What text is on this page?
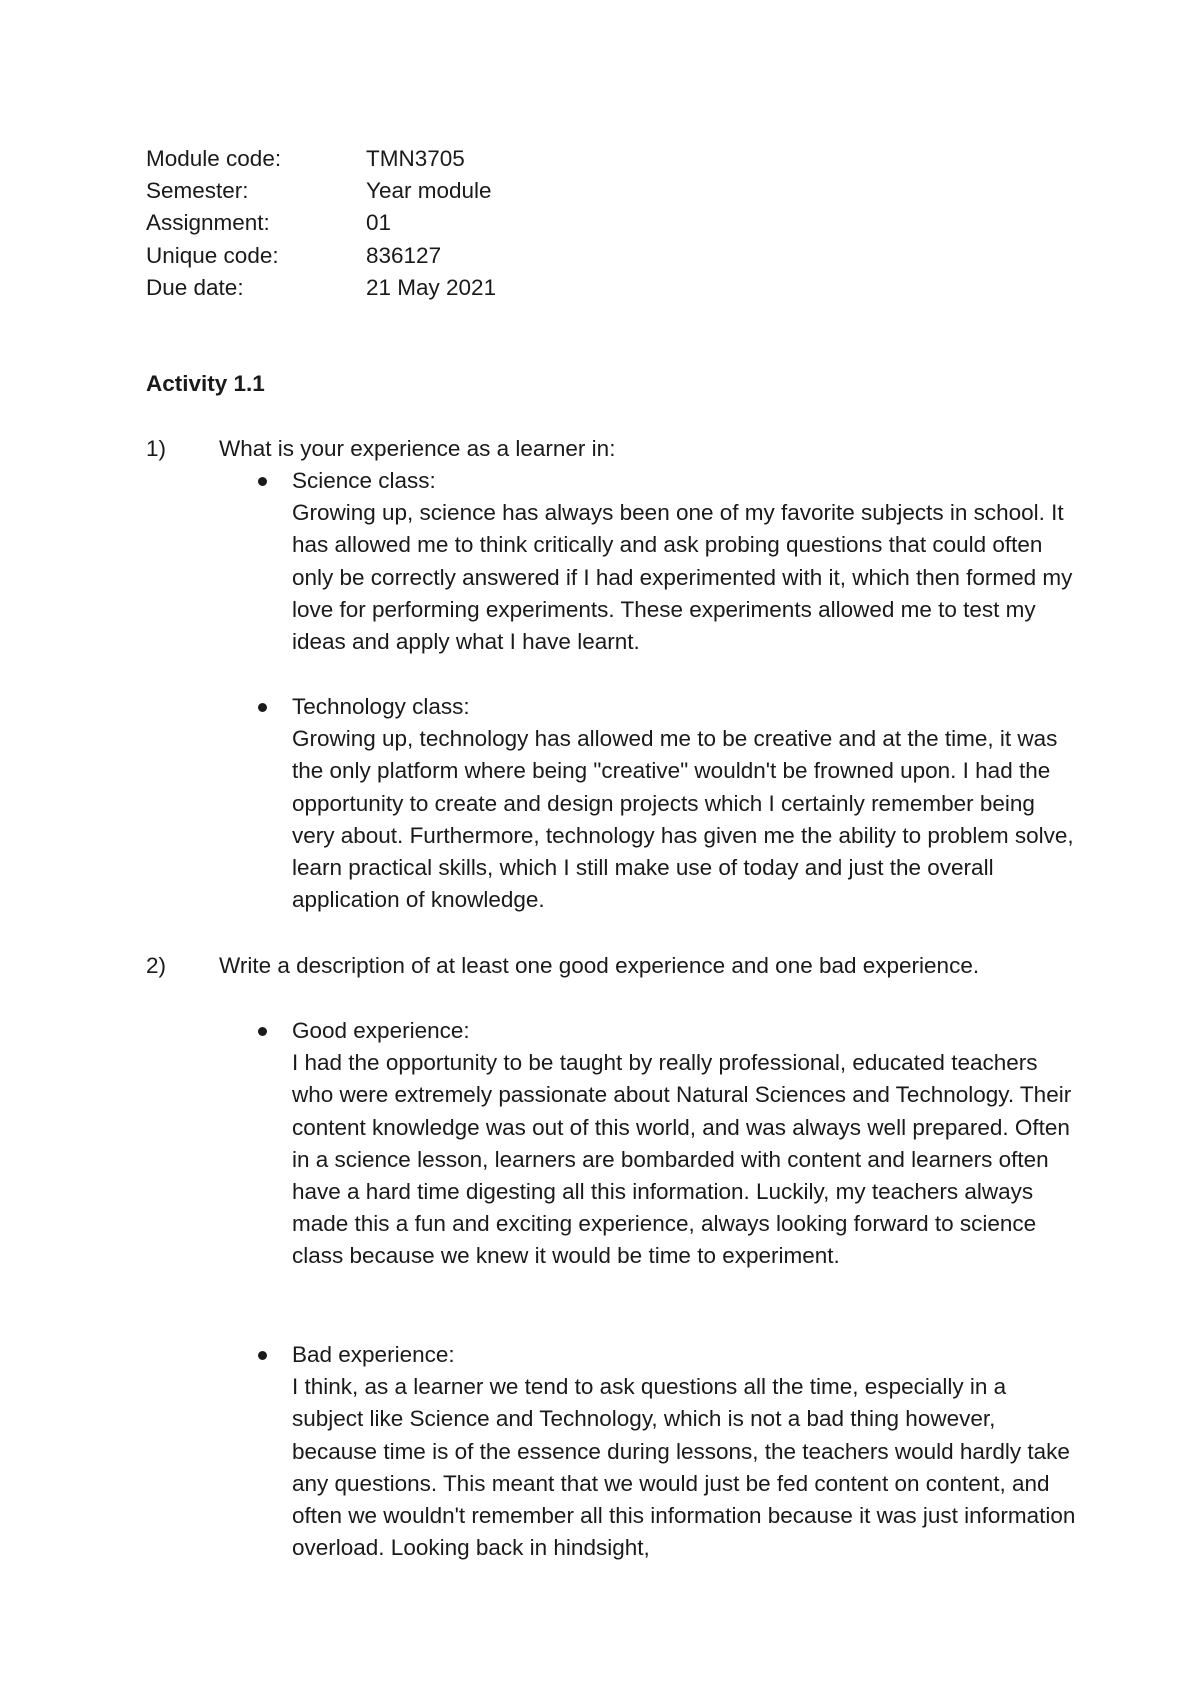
Module code:	TMN3705
Semester:	Year module
Assignment:	01
Unique code:	836127
Due date:	21 May 2021
Activity 1.1
1)	What is your experience as a learner in:
Science class:
Growing up, science has always been one of my favorite subjects in school. It has allowed me to think critically and ask probing questions that could often only be correctly answered if I had experimented with it, which then formed my love for performing experiments. These experiments allowed me to test my ideas and apply what I have learnt.
Technology class:
Growing up, technology has allowed me to be creative and at the time, it was the only platform where being "creative" wouldn't be frowned upon. I had the opportunity to create and design projects which I certainly remember being very about. Furthermore, technology has given me the ability to problem solve, learn practical skills, which I still make use of today and just the overall application of knowledge.
2)	Write a description of at least one good experience and one bad experience.
Good experience:
I had the opportunity to be taught by really professional, educated teachers who were extremely passionate about Natural Sciences and Technology. Their content knowledge was out of this world, and was always well prepared. Often in a science lesson, learners are bombarded with content and learners often have a hard time digesting all this information. Luckily, my teachers always made this a fun and exciting experience, always looking forward to science class because we knew it would be time to experiment.
Bad experience:
I think, as a learner we tend to ask questions all the time, especially in a subject like Science and Technology, which is not a bad thing however, because time is of the essence during lessons, the teachers would hardly take any questions. This meant that we would just be fed content on content, and often we wouldn't remember all this information because it was just information overload. Looking back in hindsight,
